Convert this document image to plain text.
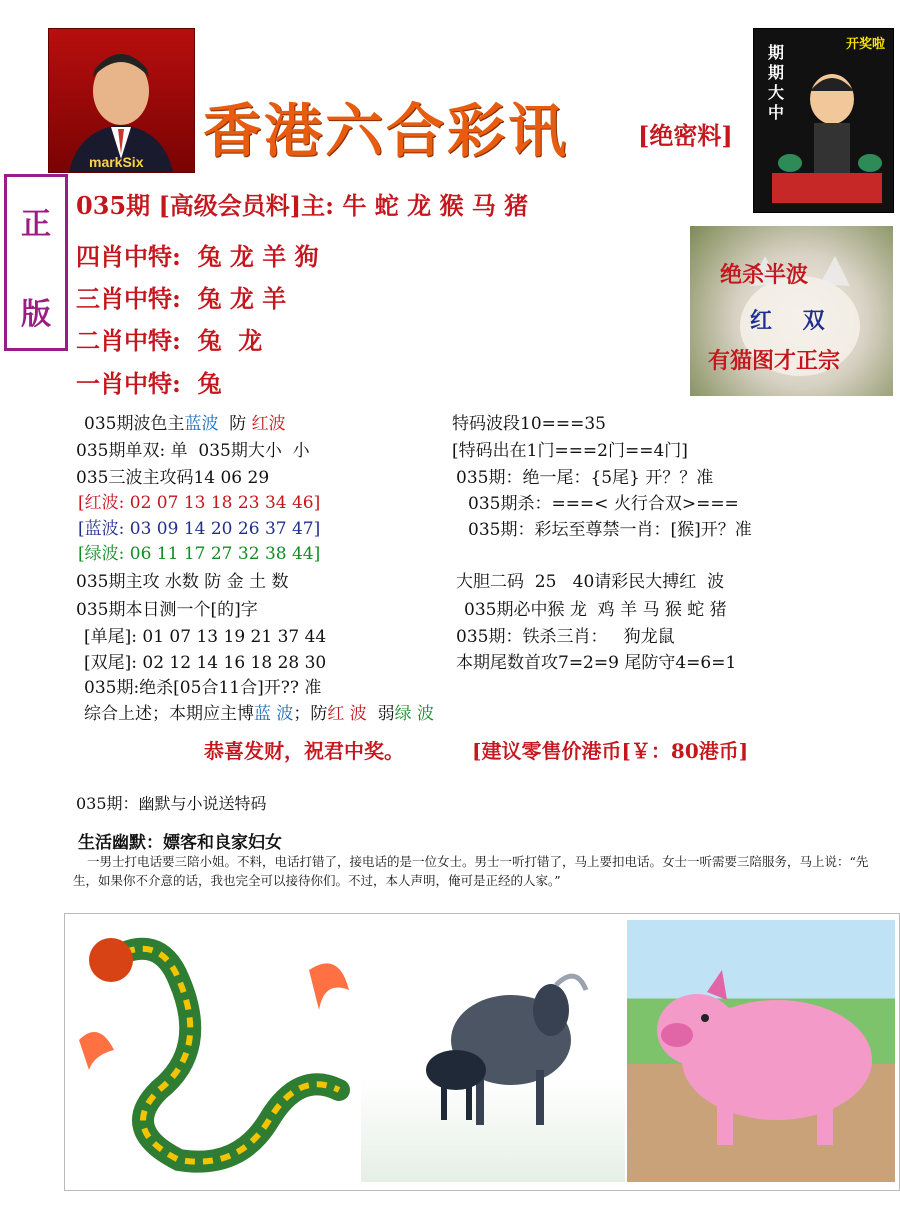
markSix 香港六合彩讯	[绝密料]
期期大中
开奖啦
正
版
035期 [高级会员料]主: 牛 蛇 龙 猴 马 猪
四肖中特:  兔 龙 羊 狗
三肖中特:  兔 龙 羊
二肖中特:  兔  龙
一肖中特:  兔
绝杀半波
红    双
有猫图才正宗
035期波色主蓝波  防 红波
035期单双: 单  035期大小  小
035三波主攻码14 06 29
[红波: 02 07 13 18 23 34 46]
[蓝波: 03 09 14 20 26 37 47]
[绿波: 06 11 17 27 32 38 44]
035期主攻 水数 防 金 土 数
035期本日测一个[的]字
[单尾]: 01 07 13 19 21 37 44
[双尾]: 02 12 14 16 18 28 30
035期:绝杀[05合11合]开?? 准
综合上述；本期应主博蓝 波；防红 波  弱绿 波
特码波段10===35
[特码出在1门===2门==4门]
035期：绝一尾：{5尾} 开？？准
035期杀：===< 火行合双>===
035期：彩坛至尊禁一肖：[猴]开？准
大胆二码  25   40请彩民大搏红  波
035期必中猴 龙  鸡 羊 马 猴 蛇 猪
035期：铁杀三肖：   狗龙鼠
本期尾数首攻7=2=9 尾防守4=6=1
恭喜发财，祝君中奖。	[建议零售价港币[￥：80港币]
035期：幽默与小说送特码
生活幽默：嫖客和良家妇女
一男士打电话要三陪小姐。不料，电话打错了，接电话的是一位女士。男士一听打错了，马上要扣电话。女士一听需要三陪服务，马上说：“先生，如果你不介意的话，我也完全可以接待你们。不过，本人声明，俺可是正经的人家。”
